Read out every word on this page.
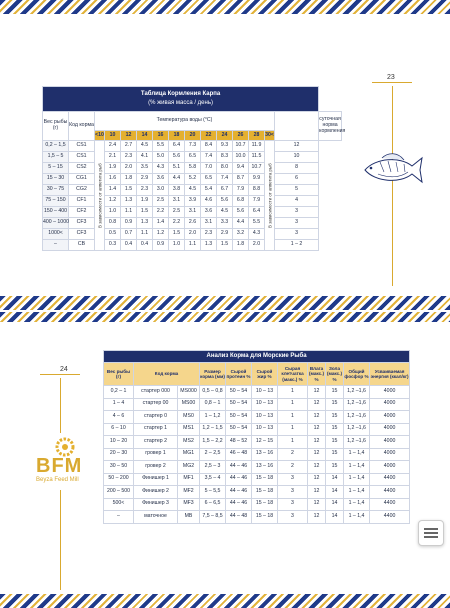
23
Таблица Кормления Карпа
(% живая масса / день)															
Вес рыбы (г)	Код корма	Температура воды (°C)													суточная норма кормления
		<10	10	12	14	16	18	20	22	24	26	28	30<		
0,2 – 1,5	CS1	В зависимости от аппетита рыб	2.4	2.7	4.5	5.5	6.4	7.3	8.4	9.3	10.7	11.9	В зависимости от аппетита рыб	12	
1,5 – 5	CS1		2.1	2.3	4.1	5.0	5.6	6.5	7.4	8.3	10.0	11.5		10	
5 – 15	CS2		1.9	2.0	3.5	4.3	5.1	5.8	7.0	8.0	9.4	10.7		8	
15 – 30	CG1		1.6	1.8	2.9	3.6	4.4	5.2	6.5	7.4	8.7	9.9		6	
30 – 75	CG2		1.4	1.5	2.3	3.0	3.8	4.5	5.4	6.7	7.9	8.8		5	
75 – 150	CF1		1.2	1.3	1.9	2.5	3.1	3.9	4.6	5.6	6.8	7.9		4	
150 – 400	CF2		1.0	1.1	1.5	2.2	2.5	3.1	3.6	4.5	5.6	6.4		3	
400 – 1000	CF3		0.8	0.9	1.3	1.4	2.2	2.6	3.1	3.3	4.4	5.5		3	
1000<	CF3		0.5	0.7	1.1	1.2	1.5	2.0	2.3	2.9	3.2	4.3		3	
–	CB		0.3	0.4	0.4	0.9	1.0	1.1	1.3	1.5	1.8	2.0		1 – 2	
24
BFM
Beyza Feed Mill
Анализ Корма для Морские Рыба										
Вес рыбы (г)	Код корма		Размер корма (мм)	Сырой протеин %	Сырой жир %	Сырая клетчатка (макс.) %	Влага (макс.) %	Зола (макс.) %	Общий фосфор %	Усваиваемая энергия (ккал/кг)
0,2 – 1	стартер 000	MS000	0,5 – 0,8	50 – 54	10 – 13	1	12	15	1,2 –1,6	4000
1 – 4	стартер 00	MS00	0,8 – 1	50 – 54	10 – 13	1	12	15	1,2 –1,6	4000
4 – 6	стартер 0	MS0	1 – 1,2	50 – 54	10 – 13	1	12	15	1,2 –1,6	4000
6 – 10	стартер 1	MS1	1,2 – 1,5	50 – 54	10 – 13	1	12	15	1,2 –1,6	4000
10 – 20	стартер 2	MS2	1,5 – 2,2	48 – 52	12 – 15	1	12	15	1,2 –1,6	4000
20 – 30	гровер 1	MG1	2 – 2,5	46 – 48	13 – 16	2	12	15	1 – 1,4	4000
30 – 50	гровер 2	MG2	2,5 – 3	44 – 46	13 – 16	2	12	15	1 – 1,4	4000
50 – 200	Финишер 1	MF1	3,5 – 4	44 – 46	15 – 18	3	12	14	1 – 1,4	4400
200 – 500	Финишер 2	MF2	5 – 5,5	44 – 46	15 – 18	3	12	14	1 – 1,4	4400
500<	Финишер 3	MF3	6 – 6,5	44 – 46	15 – 18	3	12	14	1 – 1,4	4400
–	маточное	MB	7,5 – 8,5	44 – 48	15 – 18	3	12	14	1 – 1,4	4400
